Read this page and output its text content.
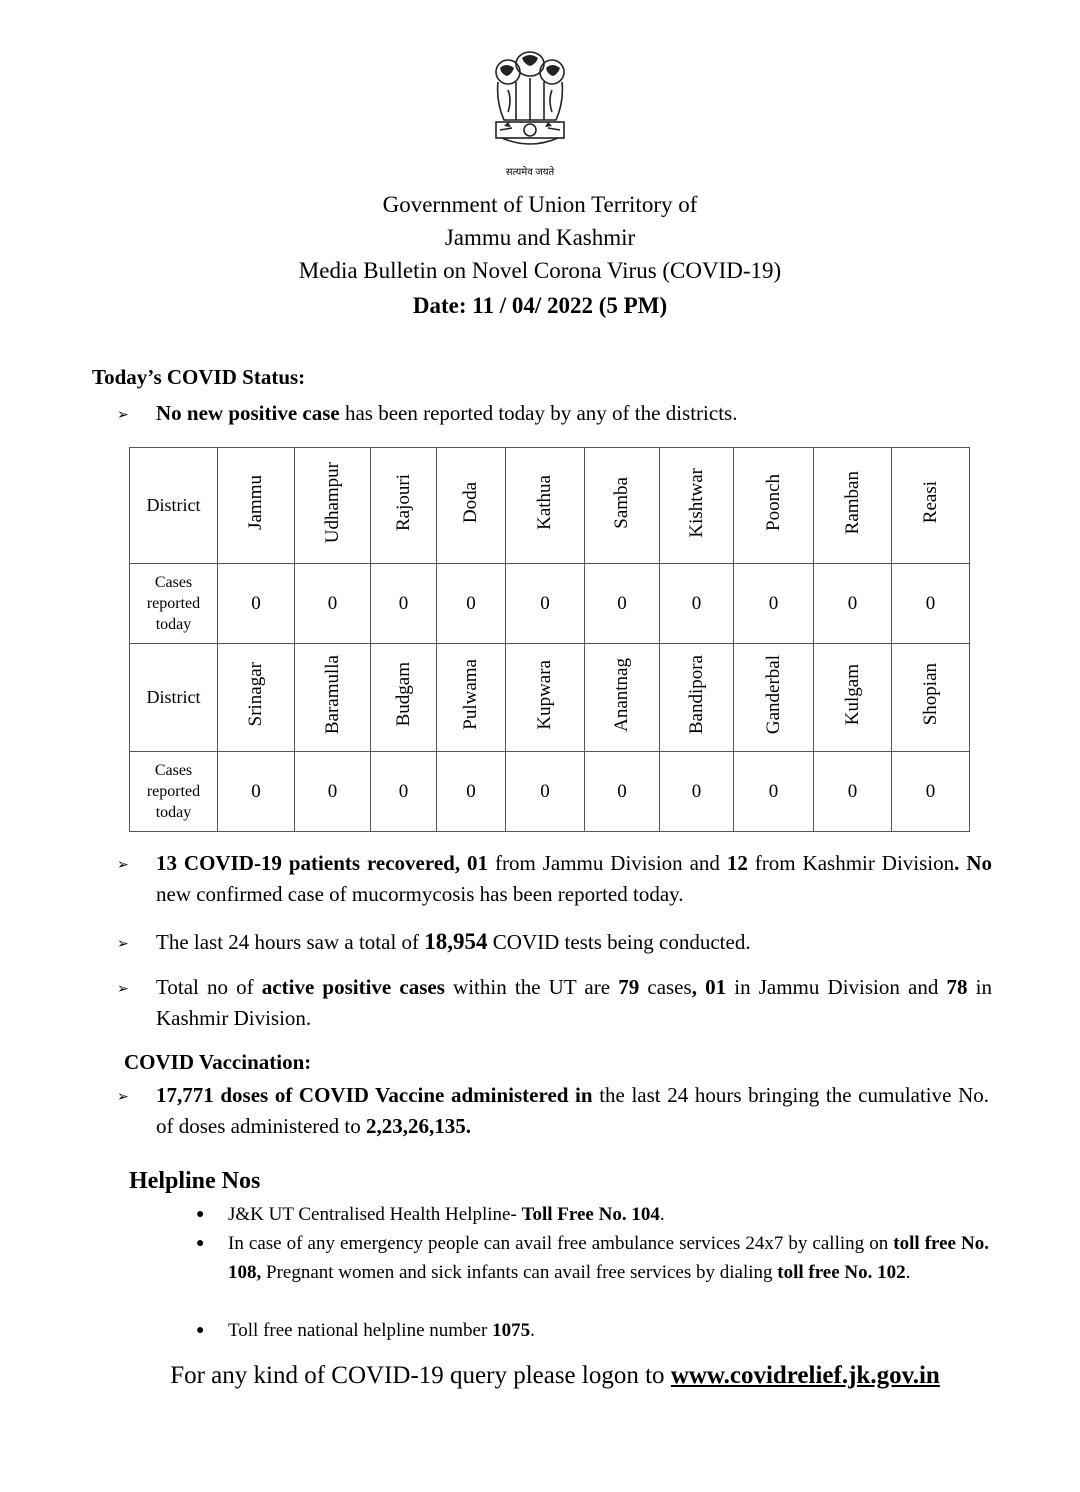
सत्यमेव जयते
Government of Union Territory of
Jammu and Kashmir
Media Bulletin on Novel Corona Virus (COVID-19)
Date: 11 / 04/ 2022 (5 PM)
Today’s COVID Status:
➢ No new positive case has been reported today by any of the districts.
District	Jammu	Udhampur	Rajouri	Doda	Kathua	Samba	Kishtwar	Poonch	Ramban	Reasi

Cases reported today	0	0	0	0	0	0	0	0	0	0
District	Srinagar	Baramulla	Budgam	Pulwama	Kupwara	Anantnag	Bandipora	Ganderbal	Kulgam	Shopian

Cases reported today	0	0	0	0	0	0	0	0	0	0
➢ 13 COVID-19 patients recovered, 01 from Jammu Division and 12 from Kashmir Division. No new confirmed case of mucormycosis has been reported today.
➢ The last 24 hours saw a total of 18,954 COVID tests being conducted.
➢ Total no of active positive cases within the UT are 79 cases, 01 in Jammu Division and 78 in Kashmir Division.
COVID Vaccination:
➢ 17,771 doses of COVID Vaccine administered in the last 24 hours bringing the cumulative No. of doses administered to 2,23,26,135.
Helpline Nos
● J&K UT Centralised Health Helpline- Toll Free No. 104.
● In case of any emergency people can avail free ambulance services 24x7 by calling on toll free No. 108, Pregnant women and sick infants can avail free services by dialing toll free No. 102.
● Toll free national helpline number 1075.
For any kind of COVID-19 query please logon to www.covidrelief.jk.gov.in
